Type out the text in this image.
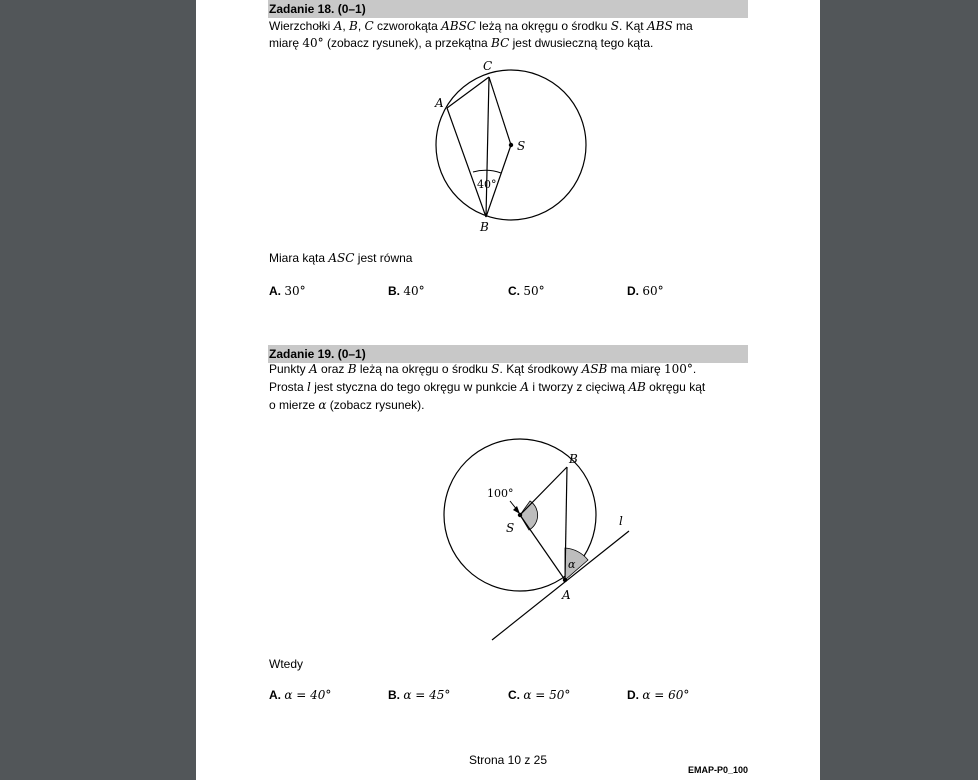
Zadanie 18. (0–1)
Wierzchołki A, B, C czworokąta ABSC leżą na okręgu o środku S. Kąt ABS ma
miarę 40° (zobacz rysunek), a przekątna BC jest dwusieczną tego kąta.
A
C
S
B
40°
Miara kąta ASC jest równa
A. 30°	B. 40°	C. 50°	D. 60°
Zadanie 19. (0–1)
Punkty A oraz B leżą na okręgu o środku S. Kąt środkowy ASB ma miarę 100°.
Prosta l jest styczna do tego okręgu w punkcie A i tworzy z cięciwą AB okręgu kąt
o mierze α (zobacz rysunek).
B
S
A
l
100°
α
Wtedy
A. α = 40°	B. α = 45°	C. α = 50°	D. α = 60°
Strona 10 z 25
EMAP-P0_100
